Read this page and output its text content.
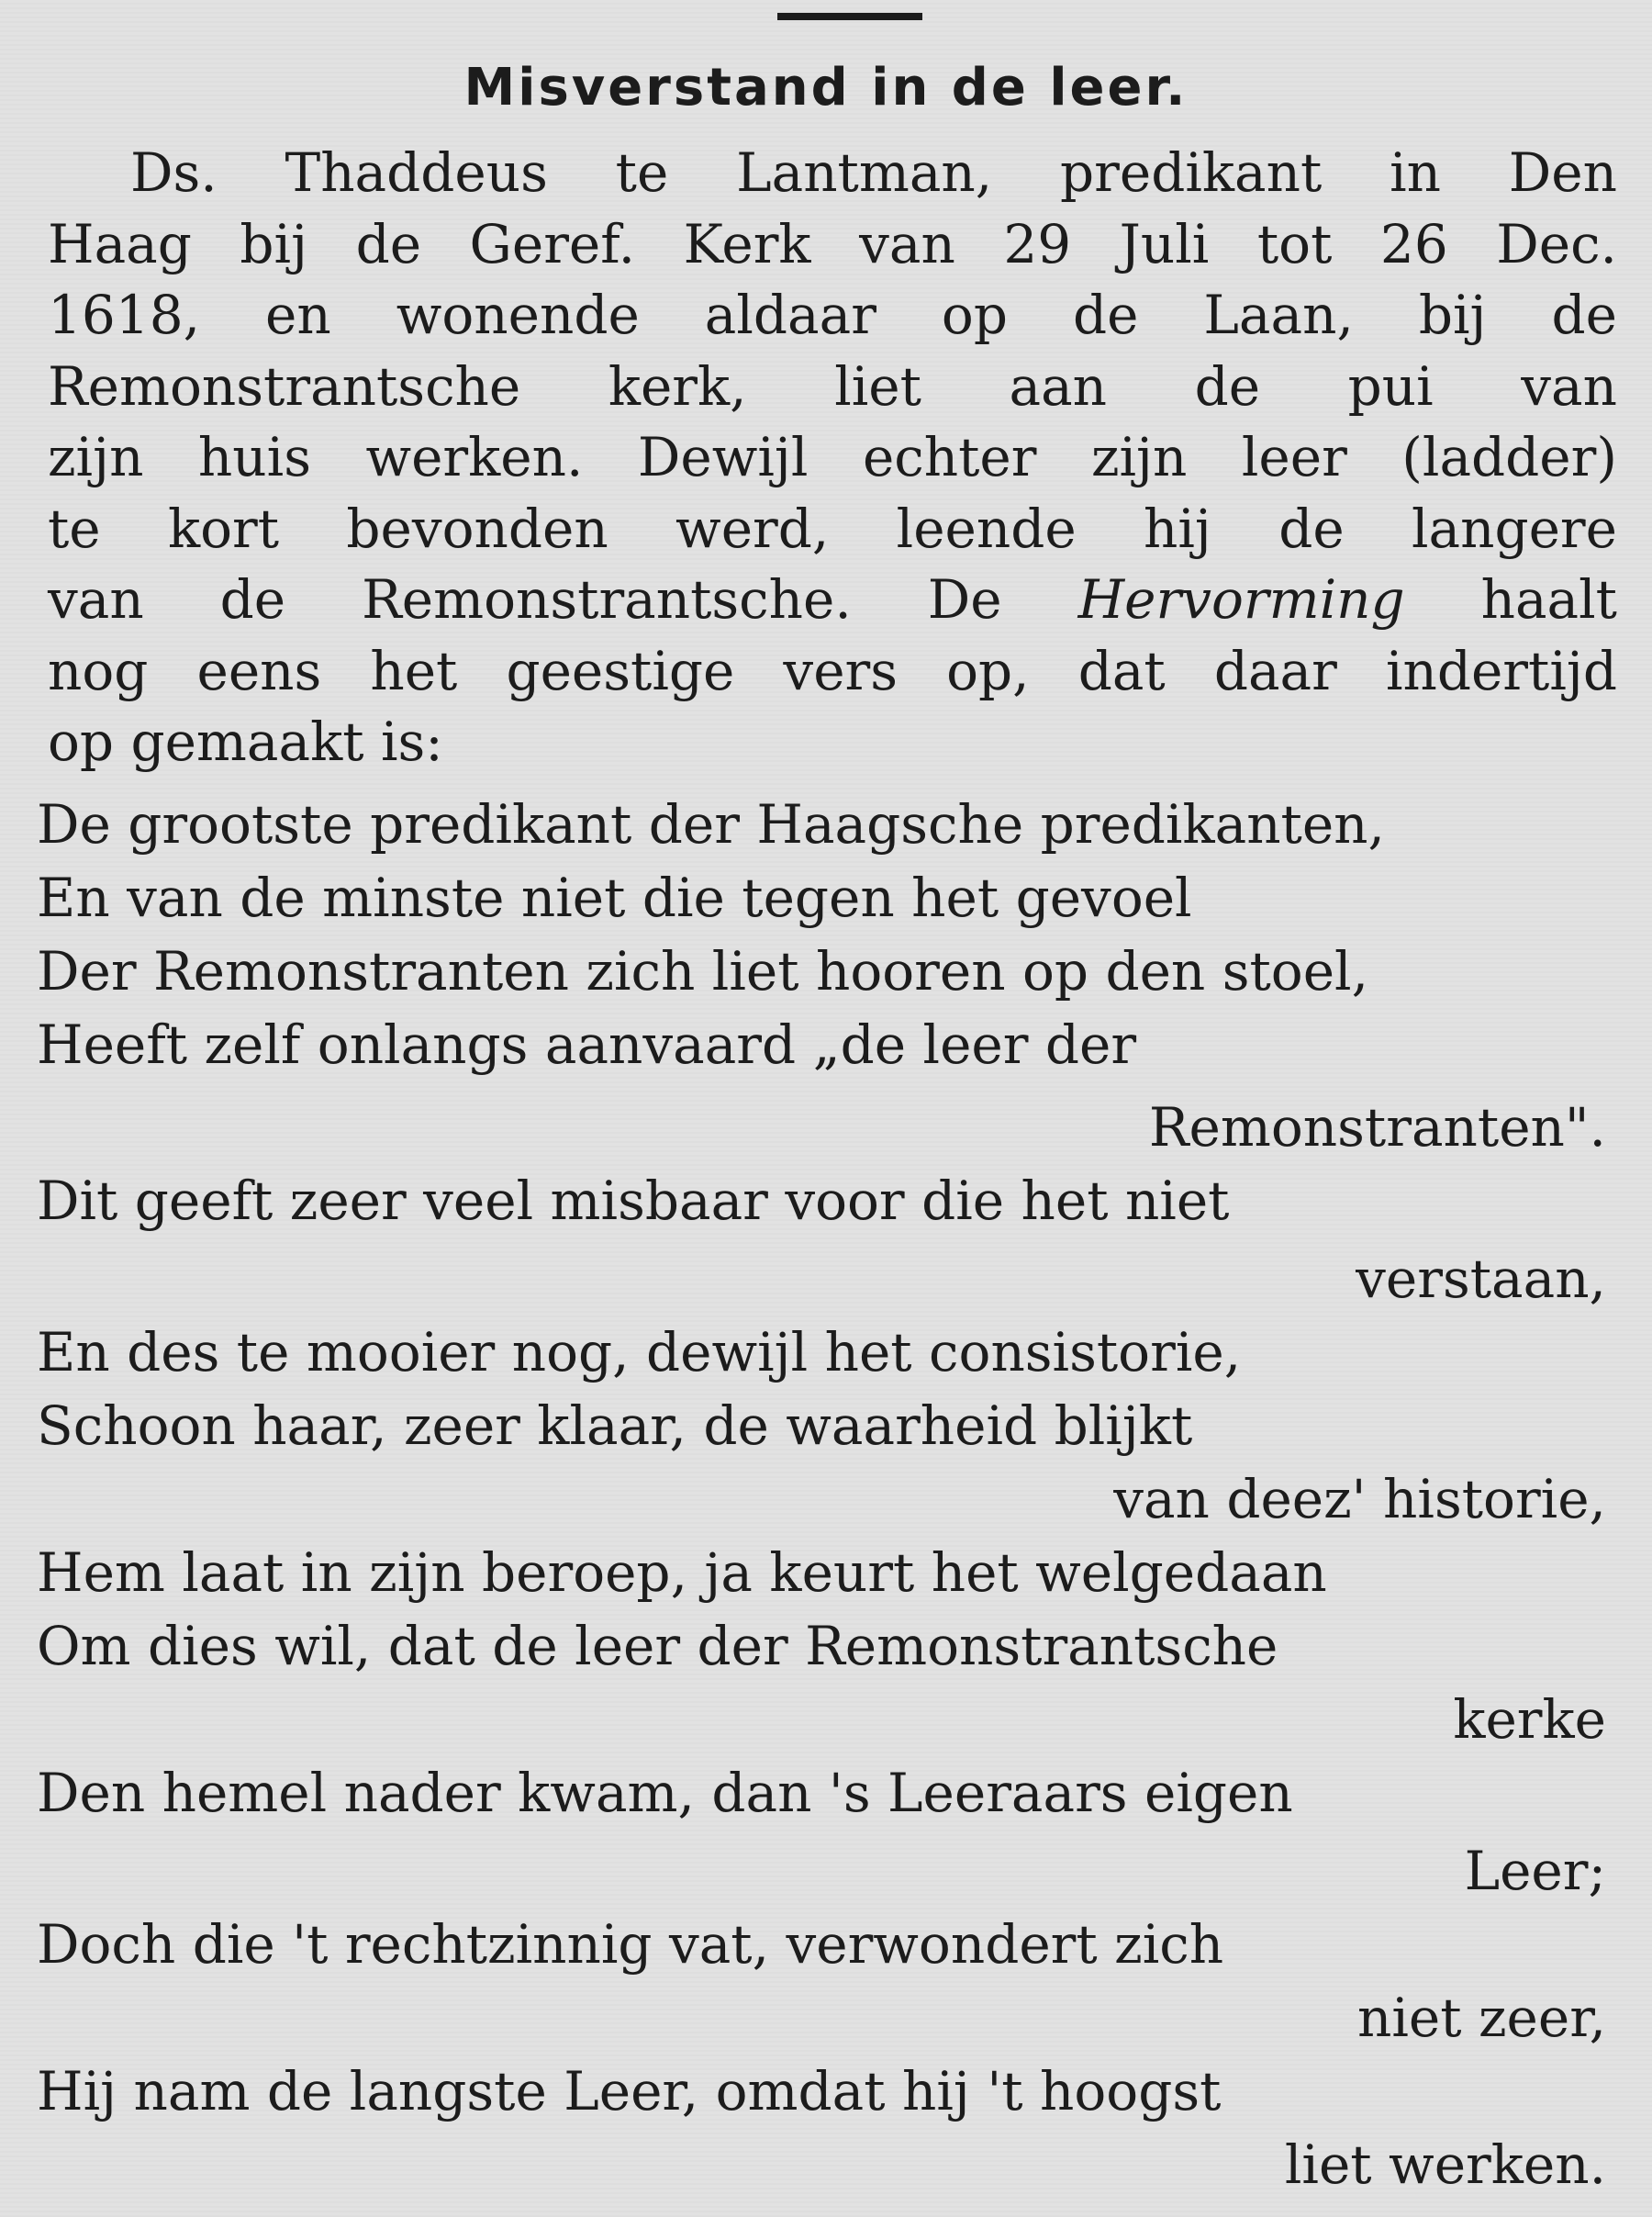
Misverstand in de leer.
Ds. Thaddeus te Lantman, predikant in Den
Haag bij de Geref. Kerk van 29 Juli tot 26 Dec.
1618, en wonende aldaar op de Laan, bij de
Remonstrantsche kerk, liet aan de pui van
zijn huis werken. Dewijl echter zijn leer (ladder)
te kort bevonden werd, leende hij de langere
van de Remonstrantsche. De Hervorming haalt
nog eens het geestige vers op, dat daar indertijd
op gemaakt is:
De grootste predikant der Haagsche predikanten,
En van de minste niet die tegen het gevoel
Der Remonstranten zich liet hooren op den stoel,
Heeft zelf onlangs aanvaard „de leer der
Remonstranten".
Dit geeft zeer veel misbaar voor die het niet
verstaan,
En des te mooier nog, dewijl het consistorie,
Schoon haar, zeer klaar, de waarheid blijkt
van deez' historie,
Hem laat in zijn beroep, ja keurt het welgedaan
Om dies wil, dat de leer der Remonstrantsche
kerke
Den hemel nader kwam, dan 's Leeraars eigen
Leer;
Doch die 't rechtzinnig vat, verwondert zich
niet zeer,
Hij nam de langste Leer, omdat hij 't hoogst
liet werken.
